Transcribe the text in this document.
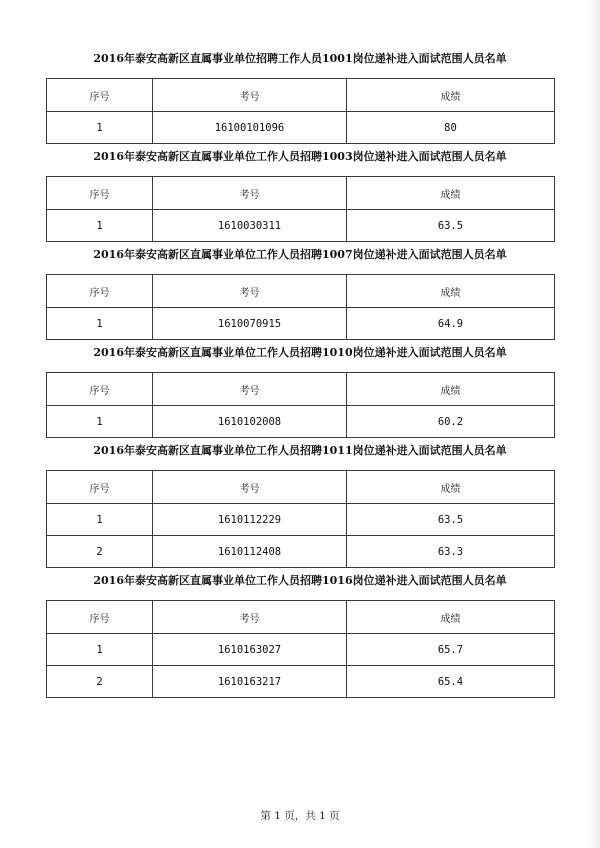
2016年泰安高新区直属事业单位招聘工作人员1001岗位递补进入面试范围人员名单
序号	考号	成绩
1	16100101096	80
2016年泰安高新区直属事业单位工作人员招聘1003岗位递补进入面试范围人员名单
序号	考号	成绩
1	1610030311	63.5
2016年泰安高新区直属事业单位工作人员招聘1007岗位递补进入面试范围人员名单
序号	考号	成绩
1	1610070915	64.9
2016年泰安高新区直属事业单位工作人员招聘1010岗位递补进入面试范围人员名单
序号	考号	成绩
1	1610102008	60.2
2016年泰安高新区直属事业单位工作人员招聘1011岗位递补进入面试范围人员名单
序号	考号	成绩
1	1610112229	63.5
2	1610112408	63.3
2016年泰安高新区直属事业单位工作人员招聘1016岗位递补进入面试范围人员名单
序号	考号	成绩
1	1610163027	65.7
2	1610163217	65.4
第 1 页，共 1 页
